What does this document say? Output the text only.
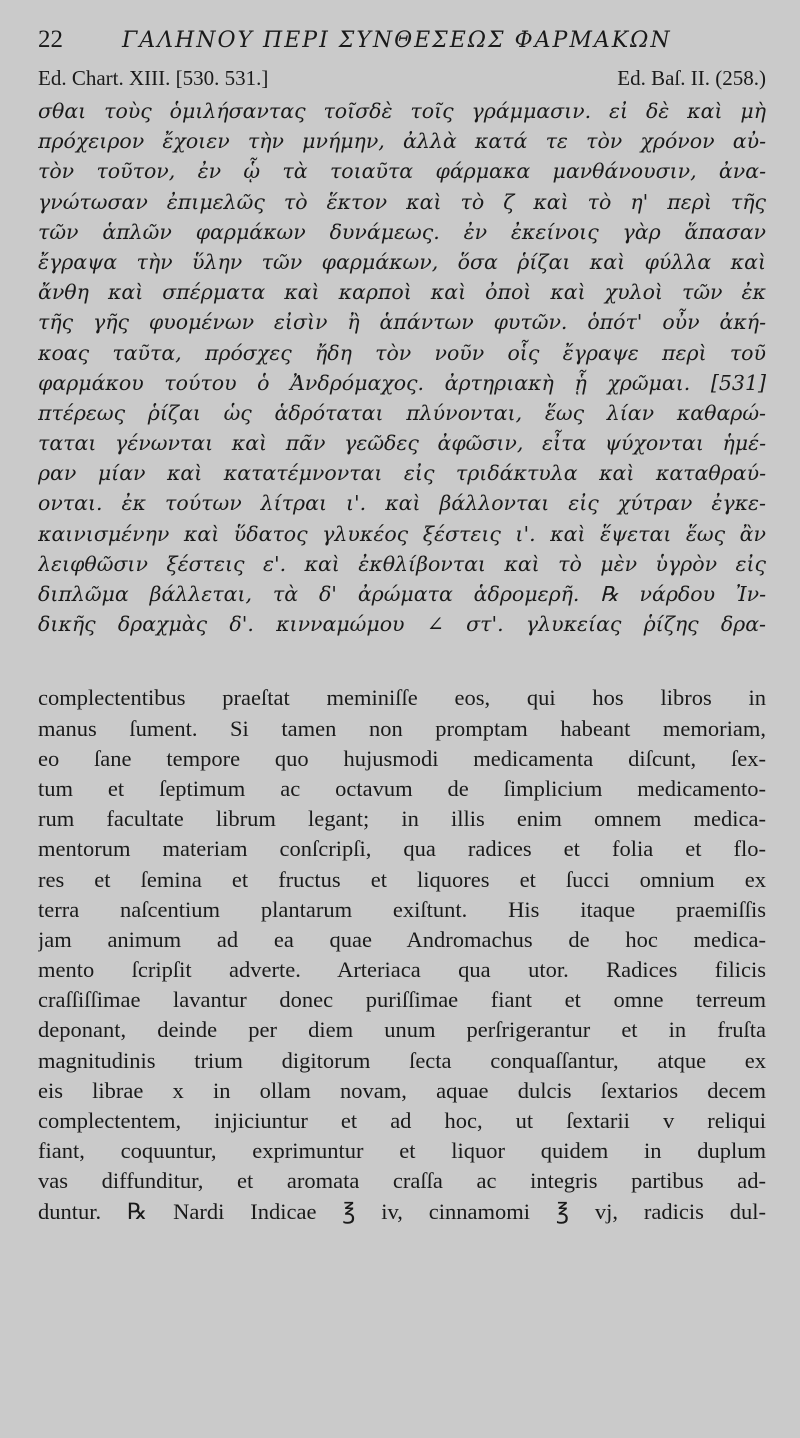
22	ΓΑΛΗΝΟΥ ΠΕΡΙ ΣΥΝΘΕΣΕΩΣ ΦΑΡΜΑΚΩΝ
Ed. Chart. XIII. [530. 531.]	Ed. Baſ. II. (258.)
σθαι τοὺς ὁμιλήσαντας τοῖσδὲ τοῖς γράμμασιν. εἰ δὲ καὶ μὴ
πρόχειρον ἔχοιεν τὴν μνήμην, ἀλλὰ κατά τε τὸν χρόνον αὐ-
τὸν τοῦτον, ἐν ᾧ τὰ τοιαῦτα φάρμακα μανθάνουσιν, ἀνα-
γνώτωσαν ἐπιμελῶς τὸ ἕκτον καὶ τὸ ζ καὶ τὸ η' περὶ τῆς
τῶν ἁπλῶν φαρμάκων δυνάμεως. ἐν ἐκείνοις γὰρ ἅπασαν
ἔγραψα τὴν ὕλην τῶν φαρμάκων, ὅσα ῥίζαι καὶ φύλλα καὶ
ἄνθη καὶ σπέρματα καὶ καρποὶ καὶ ὀποὶ καὶ χυλοὶ τῶν ἐκ
τῆς γῆς φυομένων εἰσὶν ἢ ἁπάντων φυτῶν. ὁπότ' οὖν ἀκή-
κοας ταῦτα, πρόσχες ἤδη τὸν νοῦν οἷς ἔγραψε περὶ τοῦ
φαρμάκου τούτου ὁ Ἀνδρόμαχος. ἀρτηριακὴ ᾗ χρῶμαι. [531]
πτέρεως ῥίζαι ὡς ἁδρόταται πλύνονται, ἕως λίαν καθαρώ-
ταται γένωνται καὶ πᾶν γεῶδες ἀφῶσιν, εἶτα ψύχονται ἡμέ-
ραν μίαν καὶ κατατέμνονται εἰς τριδάκτυλα καὶ καταθραύ-
ονται. ἐκ τούτων λίτραι ι'. καὶ βάλλονται εἰς χύτραν ἐγκε-
καινισμένην καὶ ὕδατος γλυκέος ξέστεις ι'. καὶ ἕψεται ἕως ἂν
λειφθῶσιν ξέστεις ε'. καὶ ἐκθλίβονται καὶ τὸ μὲν ὑγρὸν εἰς
διπλῶμα βάλλεται, τὰ δ' ἀρώματα ἁδρομερῆ. ℞ νάρδου Ἰν-
δικῆς δραχμὰς δ'. κινναμώμου ∠ στ'. γλυκείας ῥίζης δρα-
complectentibus praeſtat meminiſſe eos, qui hos libros in
manus ſument. Si tamen non promptam habeant memoriam,
eo ſane tempore quo hujusmodi medicamenta diſcunt, ſex-
tum et ſeptimum ac octavum de ſimplicium medicamento-
rum facultate librum legant; in illis enim omnem medica-
mentorum materiam conſcripſi, qua radices et folia et flo-
res et ſemina et fructus et liquores et ſucci omnium ex
terra naſcentium plantarum exiſtunt. His itaque praemiſſis
jam animum ad ea quae Andromachus de hoc medica-
mento ſcripſit adverte. Arteriaca qua utor. Radices filicis
craſſiſſimae lavantur donec puriſſimae fiant et omne terreum
deponant, deinde per diem unum perſrigerantur et in fruſta
magnitudinis trium digitorum ſecta conquaſſantur, atque ex
eis librae x in ollam novam, aquae dulcis ſextarios decem
complectentem, injiciuntur et ad hoc, ut ſextarii v reliqui
fiant, coquuntur, exprimuntur et liquor quidem in duplum
vas diffunditur, et aromata craſſa ac integris partibus ad-
duntur. ℞ Nardi Indicae ℥ iv, cinnamomi ℥ vj, radicis dul-
